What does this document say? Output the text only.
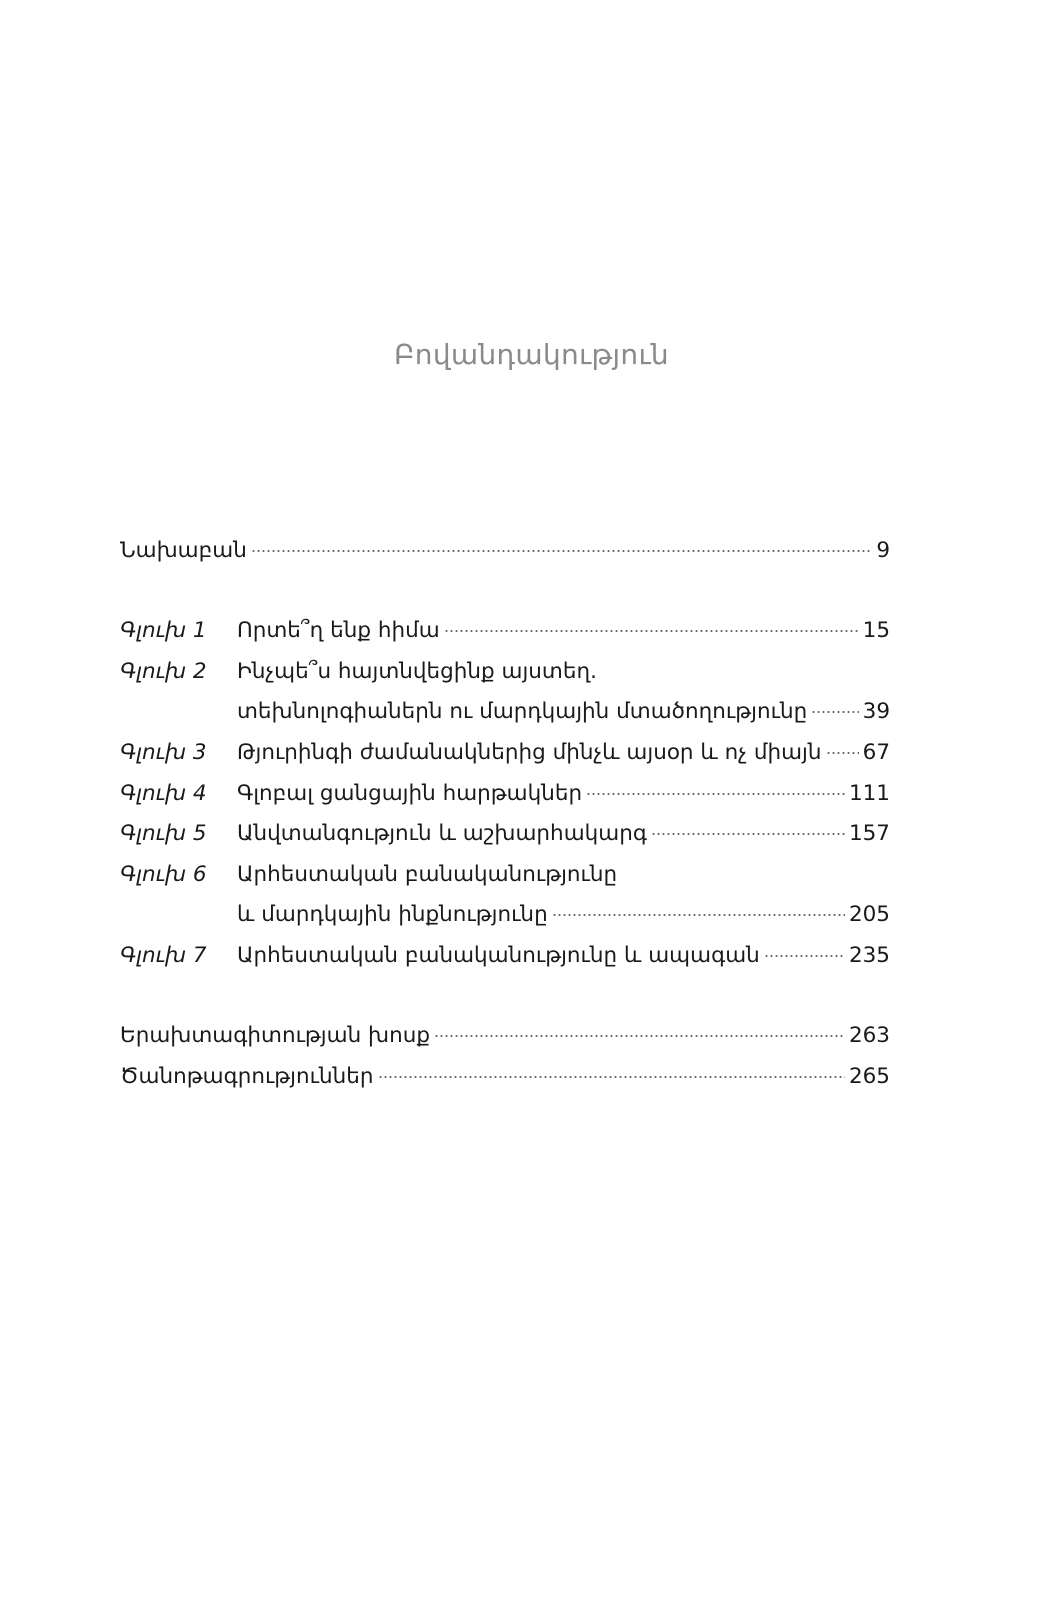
Բովանդակություն
Նախաբան	9
Գլուխ 1	Որտե՞ղ ենք հիմա	15
Գլուխ 2	Ինչպե՞ս հայտնվեցինք այստեղ.
տեխնոլոգիաներն ու մարդկային մտածողությունը	39
Գլուխ 3	Թյուրինգի ժամանակներից մինչև այսօր և ոչ միայն 67
Գլուխ 4	Գլոբալ ցանցային հարթակներ	111
Գլուխ 5	Անվտանգություն և աշխարհակարգ	157
Գլուխ 6	Արհեստական բանականությունը
և մարդկային ինքնությունը	205
Գլուխ 7	Արհեստական բանականությունը և ապագան	235
Երախտագիտության խոսք	263
Ծանոթագրություններ	265
